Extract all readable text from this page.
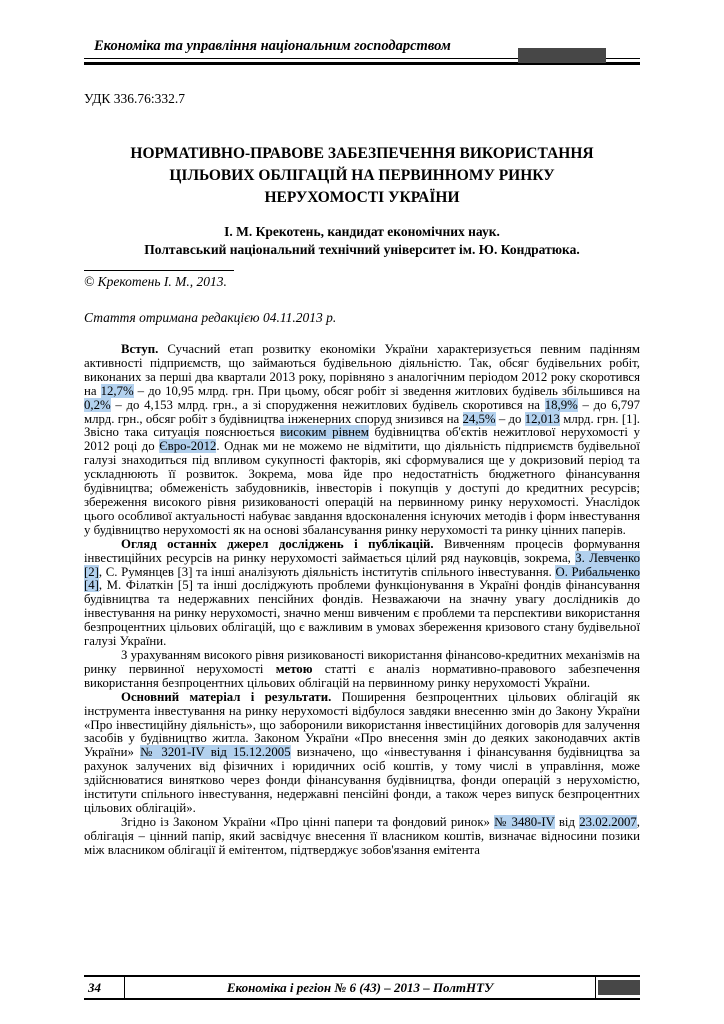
Економіка та управління національним господарством
УДК 336.76:332.7
НОРМАТИВНО-ПРАВОВЕ ЗАБЕЗПЕЧЕННЯ ВИКОРИСТАННЯ ЦІЛЬОВИХ ОБЛІГАЦІЙ НА ПЕРВИННОМУ РИНКУ НЕРУХОМОСТІ УКРАЇНИ
І. М. Крекотень, кандидат економічних наук.
Полтавський національний технічний університет ім. Ю. Кондратюка.
© Крекотень І. М., 2013.
Стаття отримана редакцією 04.11.2013 р.

Вступ. Сучасний етап розвитку економіки України характеризується певним падінням активності підприємств, що займаються будівельною діяльністю. Так, обсяг будівельних робіт, виконаних за перші два квартали 2013 року, порівняно з аналогічним періодом 2012 року скоротився на 12,7% – до 10,95 млрд. грн. При цьому, обсяг робіт зі зведення житлових будівель збільшився на 0,2% – до 4,153 млрд. грн., а зі спорудження нежитлових будівель скоротився на 18,9% – до 6,797 млрд. грн., обсяг робіт з будівництва інженерних споруд знизився на 24,5% – до 12,013 млрд. грн. [1]. Звісно така ситуація пояснюється високим рівнем будівництва об'єктів нежитлової нерухомості у 2012 році до Євро-2012. Однак ми не можемо не відмітити, що діяльність підприємств будівельної галузі знаходиться під впливом сукупності факторів, які сформувалися ще у докризовий період та ускладнюють її розвиток. Зокрема, мова йде про недостатність бюджетного фінансування будівництва; обмеженість забудовників, інвесторів і покупців у доступі до кредитних ресурсів; збереження високого рівня ризикованості операцій на первинному ринку нерухомості. Унаслідок цього особливої актуальності набуває завдання вдосконалення існуючих методів і форм інвестування у будівництво нерухомості як на основі збалансування ринку нерухомості та ринку цінних паперів.

Огляд останніх джерел досліджень і публікацій. Вивченням процесів формування інвестиційних ресурсів на ринку нерухомості займається цілий ряд науковців, зокрема, З. Левченко [2], С. Румянцев [3] та інші аналізують діяльність інститутів спільного інвестування. О. Рибальченко [4], М. Філаткін [5] та інші досліджують проблеми функціонування в Україні фондів фінансування будівництва та недержавних пенсійних фондів. Незважаючи на значну увагу дослідників до інвестування на ринку нерухомості, значно менш вивченим є проблеми та перспективи використання безпроцентних цільових облігацій, що є важливим в умовах збереження кризового стану будівельної галузі України.

З урахуванням високого рівня ризикованості використання фінансово-кредитних механізмів на ринку первинної нерухомості метою статті є аналіз нормативно-правового забезпечення використання безпроцентних цільових облігацій на первинному ринку нерухомості України.

Основний матеріал і результати. Поширення безпроцентних цільових облігацій як інструмента інвестування на ринку нерухомості відбулося завдяки внесенню змін до Закону України «Про інвестиційну діяльність», що заборонили використання інвестиційних договорів для залучення засобів у будівництво житла. Законом України «Про внесення змін до деяких законодавчих актів України» № 3201-IV від 15.12.2005 визначено, що «інвестування і фінансування будівництва за рахунок залучених від фізичних і юридичних осіб коштів, у тому числі в управління, може здійснюватися винятково через фонди фінансування будівництва, фонди операцій з нерухомістю, інститути спільного інвестування, недержавні пенсійні фонди, а також через випуск безпроцентних цільових облігацій».

Згідно із Законом України «Про цінні папери та фондовий ринок» № 3480-IV від 23.02.2007, облігація – цінний папір, який засвідчує внесення її власником коштів, визначає відносини позики між власником облігації й емітентом, підтверджує зобов'язання емітента

34	Економіка і регіон № 6 (43) – 2013 – ПолтНТУ
